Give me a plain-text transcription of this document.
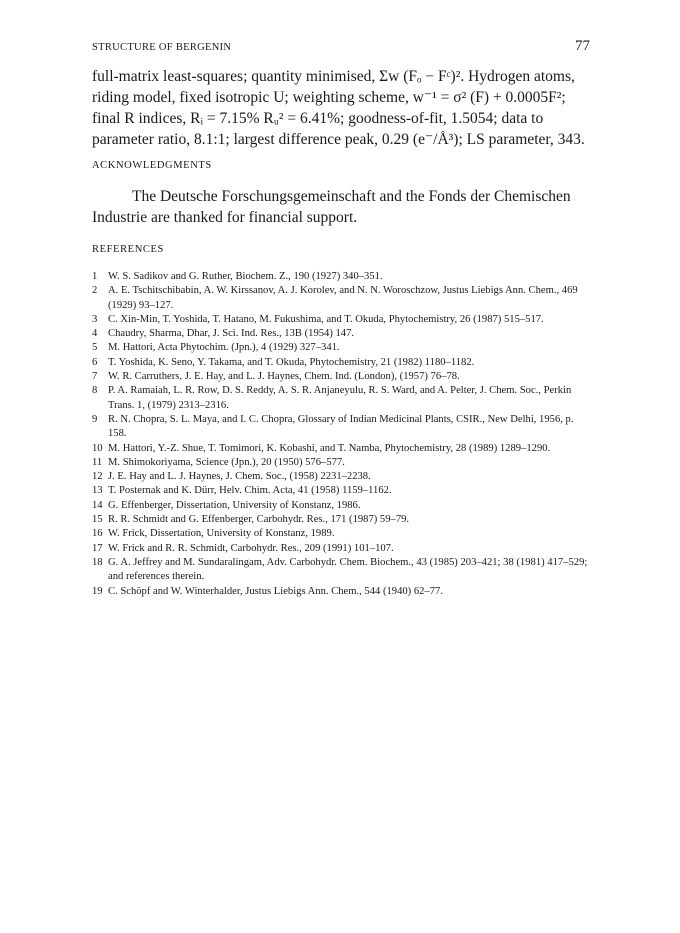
STRUCTURE OF BERGENIN	77

full-matrix least-squares; quantity minimised, Σw (Fₒ − Fᶜ)². Hydrogen atoms, riding model, fixed isotropic U; weighting scheme, w⁻¹ = σ² (F) + 0.0005F²; final R indices, Rᵢ = 7.15% Rᵤ² = 6.41%; goodness-of-fit, 1.5054; data to parameter ratio, 8.1:1; largest difference peak, 0.29 (e⁻/Å³); LS parameter, 343.

ACKNOWLEDGMENTS

The Deutsche Forschungsgemeinschaft and the Fonds der Chemischen Industrie are thanked for financial support.

REFERENCES
1	W. S. Sadikov and G. Ruther, Biochem. Z., 190 (1927) 340–351.
2	A. E. Tschitschibabin, A. W. Kirssanov, A. J. Korolev, and N. N. Woroschzow, Justus Liebigs Ann. Chem., 469 (1929) 93–127.
3	C. Xin-Min, T. Yoshida, T. Hatano, M. Fukushima, and T. Okuda, Phytochemistry, 26 (1987) 515–517.
4	Chaudry, Sharma, Dhar, J. Sci. Ind. Res., 13B (1954) 147.
5	M. Hattori, Acta Phytochim. (Jpn.), 4 (1929) 327–341.
6	T. Yoshida, K. Seno, Y. Takama, and T. Okuda, Phytochemistry, 21 (1982) 1180–1182.
7	W. R. Carruthers, J. E. Hay, and L. J. Haynes, Chem. Ind. (London), (1957) 76–78.
8	P. A. Ramaiah, L. R. Row, D. S. Reddy, A. S. R. Anjaneyulu, R. S. Ward, and A. Pelter, J. Chem. Soc., Perkin Trans. 1, (1979) 2313–2316.
9	R. N. Chopra, S. L. Maya, and I. C. Chopra, Glossary of Indian Medicinal Plants, CSIR., New Delhi, 1956, p. 158.
10 M. Hattori, Y.-Z. Shue, T. Tomimori, K. Kobashi, and T. Namba, Phytochemistry, 28 (1989) 1289–1290.
11 M. Shimokoriyama, Science (Jpn.), 20 (1950) 576–577.
12 J. E. Hay and L. J. Haynes, J. Chem. Soc., (1958) 2231–2238.
13 T. Posternak and K. Dürr, Helv. Chim. Acta, 41 (1958) 1159–1162.
14 G. Effenberger, Dissertation, University of Konstanz, 1986.
15 R. R. Schmidt and G. Effenberger, Carbohydr. Res., 171 (1987) 59–79.
16 W. Frick, Dissertation, University of Konstanz, 1989.
17 W. Frick and R. R. Schmidt, Carbohydr. Res., 209 (1991) 101–107.
18 G. A. Jeffrey and M. Sundaralingam, Adv. Carbohydr. Chem. Biochem., 43 (1985) 203–421; 38 (1981) 417–529; and references therein.
19 C. Schöpf and W. Winterhalder, Justus Liebigs Ann. Chem., 544 (1940) 62–77.
